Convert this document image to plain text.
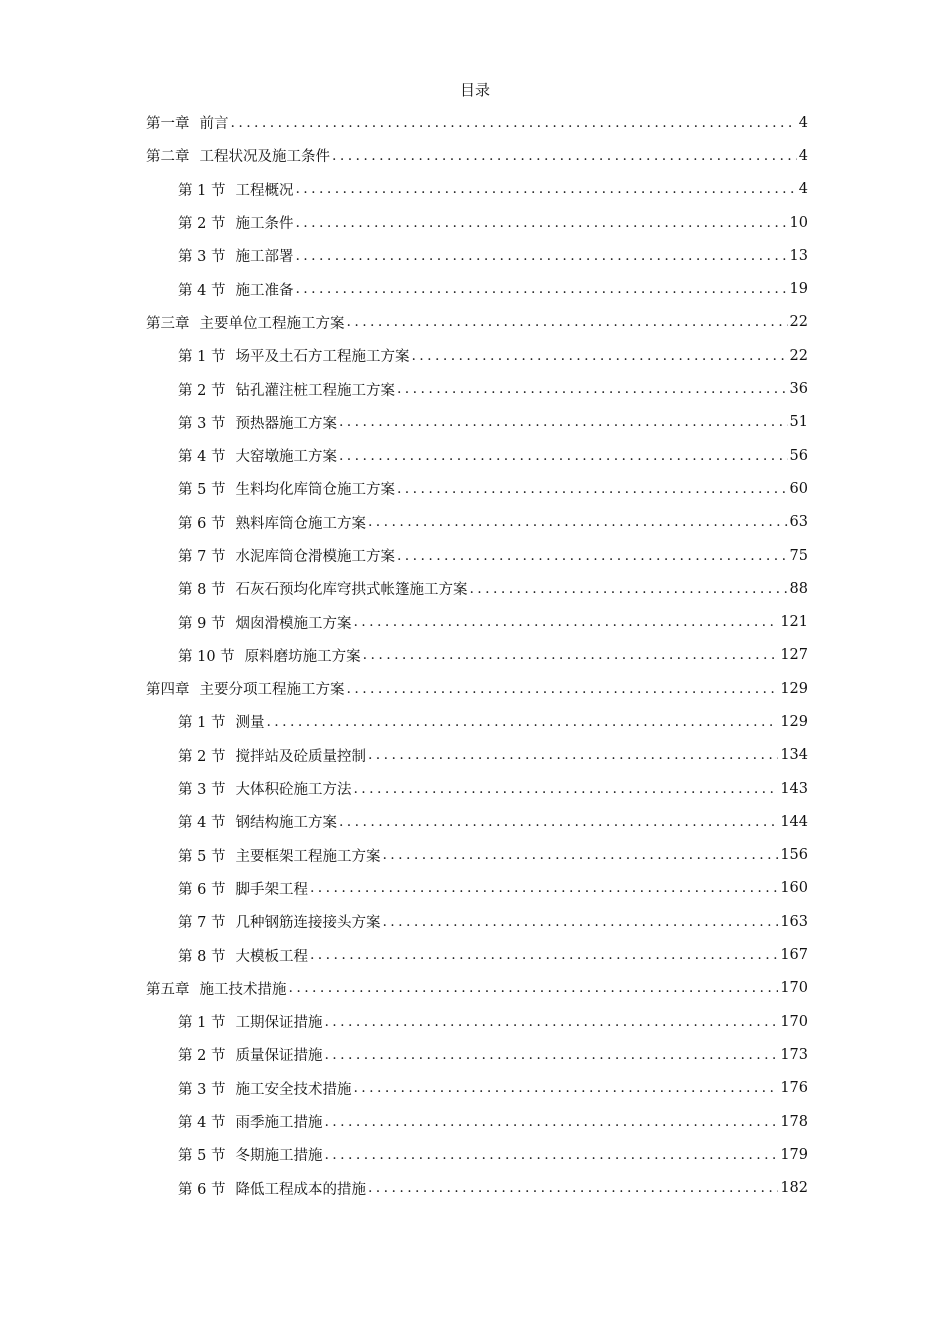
目录
第一章 前言 .....	4
第二章 工程状况及施工条件 .....	4
第 1 节 工程概况 .....	4
第 2 节 施工条件 .....	10
第 3 节 施工部署 .....	13
第 4 节 施工准备 .....	19
第三章 主要单位工程施工方案 .....	22
第 1 节 场平及土石方工程施工方案 .....	22
第 2 节 钻孔灌注桩工程施工方案 .....	36
第 3 节 预热器施工方案 .....	51
第 4 节 大窑墩施工方案 .....	56
第 5 节 生料均化库筒仓施工方案 .....	60
第 6 节 熟料库筒仓施工方案 .....	63
第 7 节 水泥库筒仓滑模施工方案 .....	75
第 8 节 石灰石预均化库穹拱式帐篷施工方案 .....	88
第 9 节 烟囱滑模施工方案 .....	121
第 10 节 原料磨坊施工方案 .....	127
第四章 主要分项工程施工方案 .....	129
第 1 节 测量 .....	129
第 2 节 搅拌站及砼质量控制 .....	134
第 3 节 大体积砼施工方法 .....	143
第 4 节 钢结构施工方案 .....	144
第 5 节 主要框架工程施工方案 .....	156
第 6 节 脚手架工程 .....	160
第 7 节 几种钢筋连接接头方案 .....	163
第 8 节 大模板工程 .....	167
第五章 施工技术措施 .....	170
第 1 节 工期保证措施 .....	170
第 2 节 质量保证措施 .....	173
第 3 节 施工安全技术措施 .....	176
第 4 节 雨季施工措施 .....	178
第 5 节 冬期施工措施 .....	179
第 6 节 降低工程成本的措施 .....	182
